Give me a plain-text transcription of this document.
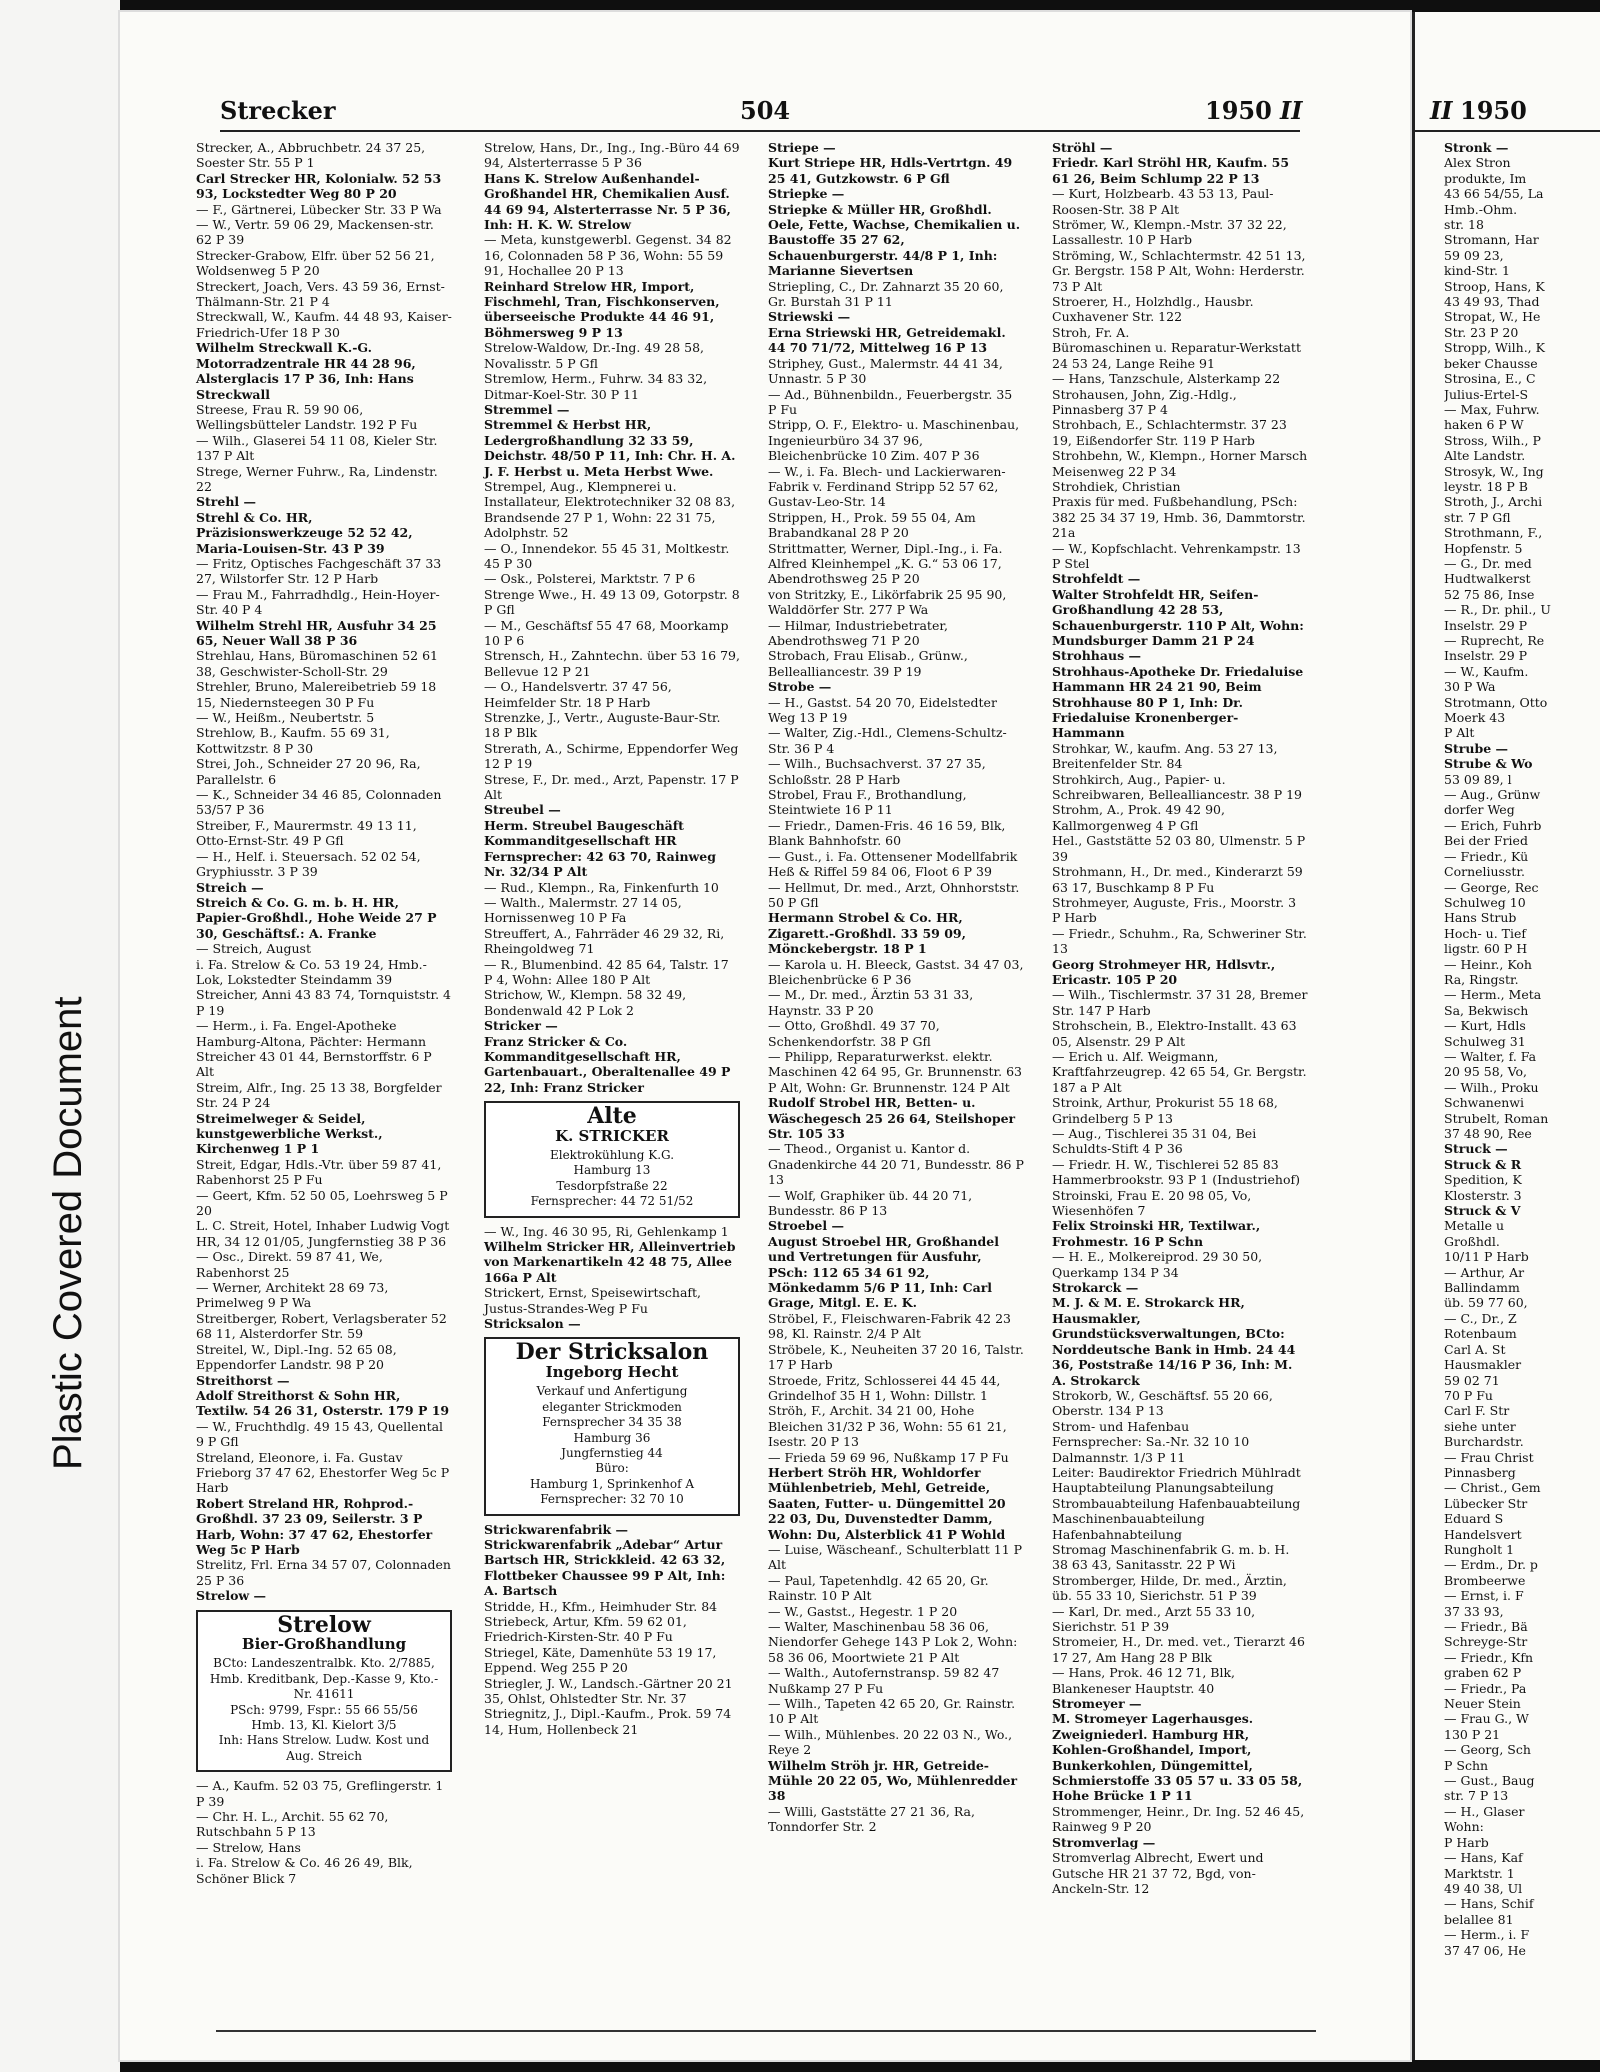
Plastic Covered Document
Strecker	504	1950 II	II 1950
Strecker, A., Abbruchbetr. 24 37 25, Soester Str. 55 P 1
Carl Strecker HR, Kolonialw. 52 53 93, Lockstedter Weg 80 P 20
— F., Gärtnerei, Lübecker Str. 33 P Wa
— W., Vertr. 59 06 29, Mackensen-str. 62 P 39
Strecker-Grabow, Elfr. über 52 56 21, Woldsenweg 5 P 20
Streckert, Joach, Vers. 43 59 36, Ernst-Thälmann-Str. 21 P 4
Streckwall, W., Kaufm. 44 48 93, Kaiser-Friedrich-Ufer 18 P 30
Wilhelm Streckwall K.-G. Motorradzentrale HR 44 28 96, Alsterglacis 17 P 36, Inh: Hans Streckwall
Streese, Frau R. 59 90 06, Wellingsbütteler Landstr. 192 P Fu
— Wilh., Glaserei 54 11 08, Kieler Str. 137 P Alt
Strege, Werner Fuhrw., Ra, Lindenstr. 22
Strehl —
Strehl & Co. HR, Präzisionswerkzeuge 52 52 42, Maria-Louisen-Str. 43 P 39
— Fritz, Optisches Fachgeschäft 37 33 27, Wilstorfer Str. 12 P Harb
— Frau M., Fahrradhdlg., Hein-Hoyer-Str. 40 P 4
Wilhelm Strehl HR, Ausfuhr 34 25 65, Neuer Wall 38 P 36
Strehlau, Hans, Büromaschinen 52 61 38, Geschwister-Scholl-Str. 29
Strehler, Bruno, Malereibetrieb 59 18 15, Niedernsteegen 30 P Fu
— W., Heißm., Neubertstr. 5
Strehlow, B., Kaufm. 55 69 31, Kottwitzstr. 8 P 30
Strei, Joh., Schneider 27 20 96, Ra, Parallelstr. 6
— K., Schneider 34 46 85, Colonnaden 53/57 P 36
Streiber, F., Maurermstr. 49 13 11, Otto-Ernst-Str. 49 P Gfl
— H., Helf. i. Steuersach. 52 02 54, Gryphiusstr. 3 P 39
Streich —
Streich & Co. G. m. b. H. HR, Papier-Großhdl., Hohe Weide 27 P 30, Geschäftsf.: A. Franke
— Streich, August
i. Fa. Strelow & Co. 53 19 24, Hmb.-Lok, Lokstedter Steindamm 39
Streicher, Anni 43 83 74, Tornquiststr. 4 P 19
— Herm., i. Fa. Engel-Apotheke Hamburg-Altona, Pächter: Hermann Streicher 43 01 44, Bernstorffstr. 6 P Alt
Streim, Alfr., Ing. 25 13 38, Borgfelder Str. 24 P 24
Streimelweger & Seidel, kunstgewerbliche Werkst., Kirchenweg 1 P 1
Streit, Edgar, Hdls.-Vtr. über 59 87 41, Rabenhorst 25 P Fu
— Geert, Kfm. 52 50 05, Loehrsweg 5 P 20
L. C. Streit, Hotel, Inhaber Ludwig Vogt HR, 34 12 01/05, Jungfernstieg 38 P 36
— Osc., Direkt. 59 87 41, We, Rabenhorst 25
— Werner, Architekt 28 69 73, Primelweg 9 P Wa
Streitberger, Robert, Verlagsberater 52 68 11, Alsterdorfer Str. 59
Streitel, W., Dipl.-Ing. 52 65 08, Eppendorfer Landstr. 98 P 20
Streithorst —
Adolf Streithorst & Sohn HR, Textilw. 54 26 31, Osterstr. 179 P 19
— W., Fruchthdlg. 49 15 43, Quellental 9 P Gfl
Streland, Eleonore, i. Fa. Gustav Frieborg 37 47 62, Ehestorfer Weg 5c P Harb
Robert Streland HR, Rohprod.-Großhdl. 37 23 09, Seilerstr. 3 P Harb, Wohn: 37 47 62, Ehestorfer Weg 5c P Harb
Strelitz, Frl. Erna 34 57 07, Colonnaden 25 P 36
Strelow —
Strelow
Bier-Großhandlung
BCto: Landeszentralbk. Kto. 2/7885, Hmb. Kreditbank, Dep.-Kasse 9, Kto.-Nr. 41611
PSch: 9799, Fspr.: 55 66 55/56
Hmb. 13, Kl. Kielort 3/5
Inh: Hans Strelow. Ludw. Kost und Aug. Streich
— A., Kaufm. 52 03 75, Greflingerstr. 1 P 39
— Chr. H. L., Archit. 55 62 70, Rutschbahn 5 P 13
— Strelow, Hans
i. Fa. Strelow & Co. 46 26 49, Blk, Schöner Blick 7
Strelow, Hans, Dr., Ing., Ing.-Büro 44 69 94, Alsterterrasse 5 P 36
Hans K. Strelow Außenhandel-Großhandel HR, Chemikalien Ausf. 44 69 94, Alsterterrasse Nr. 5 P 36, Inh: H. K. W. Strelow
— Meta, kunstgewerbl. Gegenst. 34 82 16, Colonnaden 58 P 36, Wohn: 55 59 91, Hochallee 20 P 13
Reinhard Strelow HR, Import, Fischmehl, Tran, Fischkonserven, überseeische Produkte 44 46 91, Böhmersweg 9 P 13
Strelow-Waldow, Dr.-Ing. 49 28 58, Novalisstr. 5 P Gfl
Stremlow, Herm., Fuhrw. 34 83 32, Ditmar-Koel-Str. 30 P 11
Stremmel —
Stremmel & Herbst HR, Ledergroßhandlung 32 33 59, Deichstr. 48/50 P 11, Inh: Chr. H. A. J. F. Herbst u. Meta Herbst Wwe.
Strempel, Aug., Klempnerei u. Installateur, Elektrotechniker 32 08 83, Brandsende 27 P 1, Wohn: 22 31 75, Adolphstr. 52
— O., Innendekor. 55 45 31, Moltkestr. 45 P 30
— Osk., Polsterei, Marktstr. 7 P 6
Strenge Wwe., H. 49 13 09, Gotorpstr. 8 P Gfl
— M., Geschäftsf 55 47 68, Moorkamp 10 P 6
Strensch, H., Zahntechn. über 53 16 79, Bellevue 12 P 21
— O., Handelsvertr. 37 47 56, Heimfelder Str. 18 P Harb
Strenzke, J., Vertr., Auguste-Baur-Str. 18 P Blk
Strerath, A., Schirme, Eppendorfer Weg 12 P 19
Strese, F., Dr. med., Arzt, Papenstr. 17 P Alt
Streubel —
Herm. Streubel Baugeschäft Kommanditgesellschaft HR Fernsprecher: 42 63 70, Rainweg Nr. 32/34 P Alt
— Rud., Klempn., Ra, Finkenfurth 10
— Walth., Malermstr. 27 14 05, Hornissenweg 10 P Fa
Streuffert, A., Fahrräder 46 29 32, Ri, Rheingoldweg 71
— R., Blumenbind. 42 85 64, Talstr. 17 P 4, Wohn: Allee 180 P Alt
Strichow, W., Klempn. 58 32 49, Bondenwald 42 P Lok 2
Stricker —
Franz Stricker & Co. Kommanditgesellschaft HR, Gartenbauart., Oberaltenallee 49 P 22, Inh: Franz Stricker
Alte
K. STRICKER
Elektrokühlung K.G.
Hamburg 13
Tesdorpfstraße 22
Fernsprecher: 44 72 51/52
— W., Ing. 46 30 95, Ri, Gehlenkamp 1
Wilhelm Stricker HR, Alleinvertrieb von Markenartikeln 42 48 75, Allee 166a P Alt
Strickert, Ernst, Speisewirtschaft, Justus-Strandes-Weg P Fu
Stricksalon —
Der Stricksalon
Ingeborg Hecht
Verkauf und Anfertigung
eleganter Strickmoden
Fernsprecher 34 35 38
Hamburg 36
Jungfernstieg 44
Büro:
Hamburg 1, Sprinkenhof A
Fernsprecher: 32 70 10
Strickwarenfabrik —
Strickwarenfabrik „Adebar“ Artur Bartsch HR, Strickkleid. 42 63 32, Flottbeker Chaussee 99 P Alt, Inh: A. Bartsch
Stridde, H., Kfm., Heimhuder Str. 84
Striebeck, Artur, Kfm. 59 62 01, Friedrich-Kirsten-Str. 40 P Fu
Striegel, Käte, Damenhüte 53 19 17, Eppend. Weg 255 P 20
Striegler, J. W., Landsch.-Gärtner 20 21 35, Ohlst, Ohlstedter Str. Nr. 37
Striegnitz, J., Dipl.-Kaufm., Prok. 59 74 14, Hum, Hollenbeck 21
Striepe —
Kurt Striepe HR, Hdls-Vertrtgn. 49 25 41, Gutzkowstr. 6 P Gfl
Striepke —
Striepke & Müller HR, Großhdl. Oele, Fette, Wachse, Chemikalien u. Baustoffe 35 27 62, Schauenburgerstr. 44/8 P 1, Inh: Marianne Sievertsen
Striepling, C., Dr. Zahnarzt 35 20 60, Gr. Burstah 31 P 11
Striewski —
Erna Striewski HR, Getreidemakl. 44 70 71/72, Mittelweg 16 P 13
Striphey, Gust., Malermstr. 44 41 34, Unnastr. 5 P 30
— Ad., Bühnenbildn., Feuerbergstr. 35 P Fu
Stripp, O. F., Elektro- u. Maschinenbau, Ingenieurbüro 34 37 96, Bleichenbrücke 10 Zim. 407 P 36
— W., i. Fa. Blech- und Lackierwaren-Fabrik v. Ferdinand Stripp 52 57 62, Gustav-Leo-Str. 14
Strippen, H., Prok. 59 55 04, Am Brabandkanal 28 P 20
Strittmatter, Werner, Dipl.-Ing., i. Fa. Alfred Kleinhempel „K. G.“ 53 06 17, Abendrothsweg 25 P 20
von Stritzky, E., Likörfabrik 25 95 90, Walddörfer Str. 277 P Wa
— Hilmar, Industriebetrater, Abendrothsweg 71 P 20
Strobach, Frau Elisab., Grünw., Bellealliancestr. 39 P 19
Strobe —
— H., Gastst. 54 20 70, Eidelstedter Weg 13 P 19
— Walter, Zig.-Hdl., Clemens-Schultz-Str. 36 P 4
— Wilh., Buchsachverst. 37 27 35, Schloßstr. 28 P Harb
Strobel, Frau F., Brothandlung, Steintwiete 16 P 11
— Friedr., Damen-Fris. 46 16 59, Blk, Blank Bahnhofstr. 60
— Gust., i. Fa. Ottensener Modellfabrik Heß & Riffel 59 84 06, Floot 6 P 39
— Hellmut, Dr. med., Arzt, Ohnhorststr. 50 P Gfl
Hermann Strobel & Co. HR, Zigarett.-Großhdl. 33 59 09, Mönckebergstr. 18 P 1
— Karola u. H. Bleeck, Gastst. 34 47 03, Bleichenbrücke 6 P 36
— M., Dr. med., Ärztin 53 31 33, Haynstr. 33 P 20
— Otto, Großhdl. 49 37 70, Schenkendorfstr. 38 P Gfl
— Philipp, Reparaturwerkst. elektr. Maschinen 42 64 95, Gr. Brunnenstr. 63 P Alt, Wohn: Gr. Brunnenstr. 124 P Alt
Rudolf Strobel HR, Betten- u. Wäschegesch 25 26 64, Steilshoper Str. 105 33
— Theod., Organist u. Kantor d. Gnadenkirche 44 20 71, Bundesstr. 86 P 13
— Wolf, Graphiker üb. 44 20 71, Bundesstr. 86 P 13
Stroebel —
August Stroebel HR, Großhandel und Vertretungen für Ausfuhr, PSch: 112 65 34 61 92, Mönkedamm 5/6 P 11, Inh: Carl Grage, Mitgl. E. E. K.
Ströbel, F., Fleischwaren-Fabrik 42 23 98, Kl. Rainstr. 2/4 P Alt
Ströbele, K., Neuheiten 37 20 16, Talstr. 17 P Harb
Stroede, Fritz, Schlosserei 44 45 44, Grindelhof 35 H 1, Wohn: Dillstr. 1
Ströh, F., Archit. 34 21 00, Hohe Bleichen 31/32 P 36, Wohn: 55 61 21, Isestr. 20 P 13
— Frieda 59 69 96, Nußkamp 17 P Fu
Herbert Ströh HR, Wohldorfer Mühlenbetrieb, Mehl, Getreide, Saaten, Futter- u. Düngemittel 20 22 03, Du, Duvenstedter Damm, Wohn: Du, Alsterblick 41 P Wohld
— Luise, Wäscheanf., Schulterblatt 11 P Alt
— Paul, Tapetenhdlg. 42 65 20, Gr. Rainstr. 10 P Alt
— W., Gastst., Hegestr. 1 P 20
— Walter, Maschinenbau 58 36 06, Niendorfer Gehege 143 P Lok 2, Wohn: 58 36 06, Moortwiete 21 P Alt
— Walth., Autofernstransp. 59 82 47 Nußkamp 27 P Fu
— Wilh., Tapeten 42 65 20, Gr. Rainstr. 10 P Alt
— Wilh., Mühlenbes. 20 22 03 N., Wo., Reye 2
Wilhelm Ströh jr. HR, Getreide-Mühle 20 22 05, Wo, Mühlenredder 38
— Willi, Gaststätte 27 21 36, Ra, Tonndorfer Str. 2
Ströhl —
Friedr. Karl Ströhl HR, Kaufm. 55 61 26, Beim Schlump 22 P 13
— Kurt, Holzbearb. 43 53 13, Paul-Roosen-Str. 38 P Alt
Strömer, W., Klempn.-Mstr. 37 32 22, Lassallestr. 10 P Harb
Ströming, W., Schlachtermstr. 42 51 13, Gr. Bergstr. 158 P Alt, Wohn: Herderstr. 73 P Alt
Stroerer, H., Holzhdlg., Hausbr. Cuxhavener Str. 122
Stroh, Fr. A.
Büromaschinen u. Reparatur-Werkstatt 24 53 24, Lange Reihe 91
— Hans, Tanzschule, Alsterkamp 22
Strohausen, John, Zig.-Hdlg., Pinnasberg 37 P 4
Strohbach, E., Schlachtermstr. 37 23 19, Eißendorfer Str. 119 P Harb
Strohbehn, W., Klempn., Horner Marsch Meisenweg 22 P 34
Strohdiek, Christian
Praxis für med. Fußbehandlung, PSch: 382 25 34 37 19, Hmb. 36, Dammtorstr. 21a
— W., Kopfschlacht. Vehrenkampstr. 13 P Stel
Strohfeldt —
Walter Strohfeldt HR, Seifen-Großhandlung 42 28 53, Schauenburgerstr. 110 P Alt, Wohn: Mundsburger Damm 21 P 24
Strohhaus —
Strohhaus-Apotheke Dr. Friedaluise Hammann HR 24 21 90, Beim Strohhause 80 P 1, Inh: Dr. Friedaluise Kronenberger-Hammann
Strohkar, W., kaufm. Ang. 53 27 13, Breitenfelder Str. 84
Strohkirch, Aug., Papier- u. Schreibwaren, Bellealliancestr. 38 P 19
Strohm, A., Prok. 49 42 90, Kallmorgenweg 4 P Gfl
Hel., Gaststätte 52 03 80, Ulmenstr. 5 P 39
Strohmann, H., Dr. med., Kinderarzt 59 63 17, Buschkamp 8 P Fu
Strohmeyer, Auguste, Fris., Moorstr. 3 P Harb
— Friedr., Schuhm., Ra, Schweriner Str. 13
Georg Strohmeyer HR, Hdlsvtr., Ericastr. 105 P 20
— Wilh., Tischlermstr. 37 31 28, Bremer Str. 147 P Harb
Strohschein, B., Elektro-Installt. 43 63 05, Alsenstr. 29 P Alt
— Erich u. Alf. Weigmann, Kraftfahrzeugrep. 42 65 54, Gr. Bergstr. 187 a P Alt
Stroink, Arthur, Prokurist 55 18 68, Grindelberg 5 P 13
— Aug., Tischlerei 35 31 04, Bei Schuldts-Stift 4 P 36
— Friedr. H. W., Tischlerei 52 85 83 Hammerbrookstr. 93 P 1 (Industriehof)
Stroinski, Frau E. 20 98 05, Vo, Wiesenhöfen 7
Felix Stroinski HR, Textilwar., Frohmestr. 16 P Schn
— H. E., Molkereiprod. 29 30 50, Querkamp 134 P 34
Strokarck —
M. J. & M. E. Strokarck HR, Hausmakler, Grundstücksverwaltungen, BCto: Norddeutsche Bank in Hmb. 24 44 36, Poststraße 14/16 P 36, Inh: M. A. Strokarck
Strokorb, W., Geschäftsf. 55 20 66, Oberstr. 134 P 13
Strom- und Hafenbau
Fernsprecher: Sa.-Nr. 32 10 10 Dalmannstr. 1/3 P 11
Leiter: Baudirektor Friedrich Mühlradt
Hauptabteilung Planungsabteilung Strombauabteilung Hafenbauabteilung Maschinenbauabteilung Hafenbahnabteilung
Stromag Maschinenfabrik G. m. b. H. 38 63 43, Sanitasstr. 22 P Wi
Stromberger, Hilde, Dr. med., Ärztin, üb. 55 33 10, Sierichstr. 51 P 39
— Karl, Dr. med., Arzt 55 33 10, Sierichstr. 51 P 39
Stromeier, H., Dr. med. vet., Tierarzt 46 17 27, Am Hang 28 P Blk
— Hans, Prok. 46 12 71, Blk, Blankeneser Hauptstr. 40
Stromeyer —
M. Stromeyer Lagerhausges. Zweigniederl. Hamburg HR, Kohlen-Großhandel, Import, Bunkerkohlen, Düngemittel, Schmierstoffe 33 05 57 u. 33 05 58, Hohe Brücke 1 P 11
Strommenger, Heinr., Dr. Ing. 52 46 45, Rainweg 9 P 20
Stromverlag —
Stromverlag Albrecht, Ewert und Gutsche HR 21 37 72, Bgd, von-Anckeln-Str. 12
Stronk —
Alex Stron
produkte, Im
43 66 54/55, La
Hmb.-Ohm.
str. 18
Stromann, Har
59 09 23,
kind-Str. 1
Stroop, Hans, K
43 49 93, Thad
Stropat, W., He
Str. 23 P 20
Stropp, Wilh., K
beker Chausse
Strosina, E., C
Julius-Ertel-S
— Max, Fuhrw.
haken 6 P W
Stross, Wilh., P
Alte Landstr.
Strosyk, W., Ing
leystr. 18 P B
Stroth, J., Archi
str. 7 P Gfl
Strothmann, F.,
Hopfenstr. 5
— G., Dr. med
Hudtwalkerst
52 75 86, Inse
— R., Dr. phil., U
Inselstr. 29 P
— Ruprecht, Re
Inselstr. 29 P
— W., Kaufm.
30 P Wa
Strotmann, Otto
Moerk 43
P Alt
Strube —
Strube & Wo
53 09 89, l
— Aug., Grünw
dorfer Weg
— Erich, Fuhrb
Bei der Fried
— Friedr., Kü
Corneliusstr.
— George, Rec
Schulweg 10
Hans Strub
Hoch- u. Tief
ligstr. 60 P H
— Heinr., Koh
Ra, Ringstr.
— Herm., Meta
Sa, Bekwisch
— Kurt, Hdls
Schulweg 31
— Walter, f. Fa
20 95 58, Vo,
— Wilh., Proku
Schwanenwi
Strubelt, Roman
37 48 90, Ree
Struck —
Struck & R
Spedition, K
Klosterstr. 3
Struck & V
Metalle u
Großhdl.
10/11 P Harb
— Arthur, Ar
Ballindamm
üb. 59 77 60,
— C., Dr., Z
Rotenbaum
Carl A. St
Hausmakler
59 02 71
70 P Fu
Carl F. Str
siehe unter
Burchardstr.
— Frau Christ
Pinnasberg
— Christ., Gem
Lübecker Str
Eduard S
Handelsvert
Rungholt 1
— Erdm., Dr. p
Brombeerwe
— Ernst, i. F
37 33 93,
— Friedr., Bä
Schreyge-Str
— Friedr., Kfn
graben 62 P
— Friedr., Pa
Neuer Stein
— Frau G., W
130 P 21
— Georg, Sch
P Schn
— Gust., Baug
str. 7 P 13
— H., Glaser
Wohn:
P Harb
— Hans, Kaf
Marktstr. 1
49 40 38, Ul
— Hans, Schif
belallee 81
— Herm., i. F
37 47 06, He
